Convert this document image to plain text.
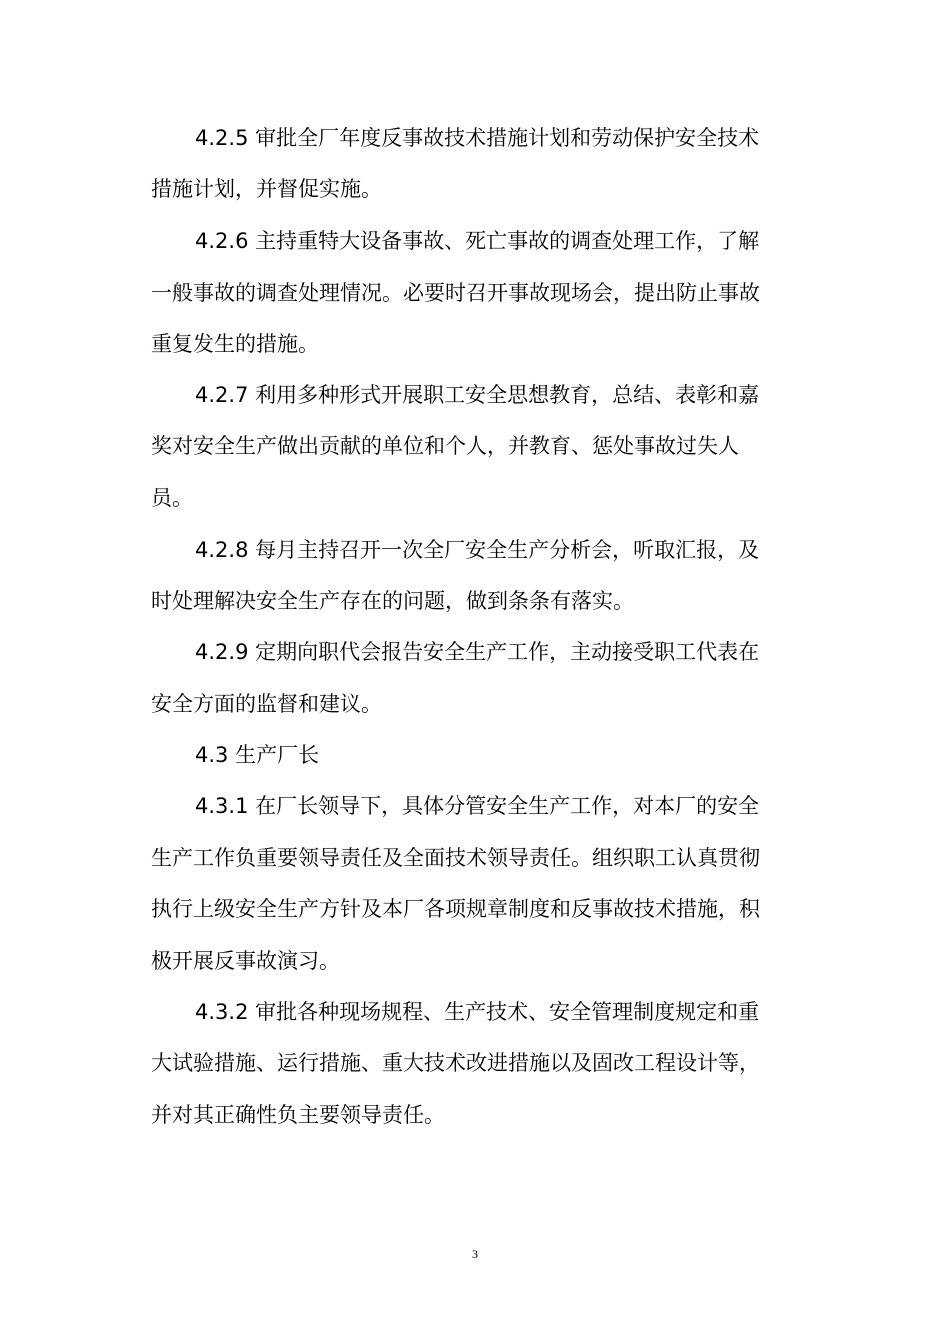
4.2.5 审批全厂年度反事故技术措施计划和劳动保护安全技术
措施计划，并督促实施。
4.2.6 主持重特大设备事故、死亡事故的调查处理工作，了解
一般事故的调查处理情况。必要时召开事故现场会，提出防止事故
重复发生的措施。
4.2.7 利用多种形式开展职工安全思想教育，总结、表彰和嘉
奖对安全生产做出贡献的单位和个人，并教育、惩处事故过失人
员。
4.2.8 每月主持召开一次全厂安全生产分析会，听取汇报，及
时处理解决安全生产存在的问题，做到条条有落实。
4.2.9 定期向职代会报告安全生产工作，主动接受职工代表在
安全方面的监督和建议。
4.3 生产厂长
4.3.1 在厂长领导下，具体分管安全生产工作，对本厂的安全
生产工作负重要领导责任及全面技术领导责任。组织职工认真贯彻
执行上级安全生产方针及本厂各项规章制度和反事故技术措施，积
极开展反事故演习。
4.3.2 审批各种现场规程、生产技术、安全管理制度规定和重
大试验措施、运行措施、重大技术改进措施以及固改工程设计等，
并对其正确性负主要领导责任。
3
